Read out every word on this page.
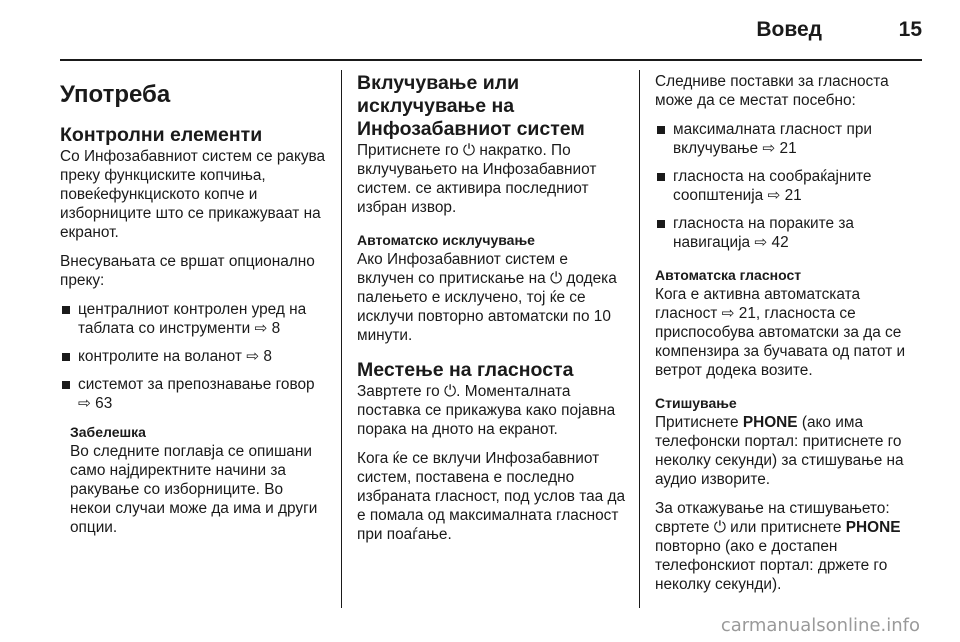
Вовед	15
Употреба
Контролни елементи

Со Инфозабавниот систем се ракува преку функциските копчиња, повеќефункциското копче и изборниците што се прикажуваат на екранот.

Внесувањата се вршат опционално преку:

централниот контролен уред на таблата со инструменти ⇨ 8
контролите на воланот ⇨ 8
системот за препознавање говор ⇨ 63
Забелешка
Во следните поглавја се опишани само најдиректните начини за ракување со изборниците. Во некои случаи може да има и други опции.
Вклучување или исклучување на Инфозабавниот систем

Притиснете го ⏻ накратко. По вклучувањето на Инфозабавниот систем. се активира последниот избран извор.

Автоматско исклучување

Ако Инфозабавниот систем е вклучен со притискање на ⏻ додека палењето е исклучено, тој ќе се исклучи повторно автоматски по 10 минути.

Местење на гласноста

Завртете го ⏻. Моменталната поставка се прикажува како појавна порака на дното на екранот.

Кога ќе се вклучи Инфозабавниот систем, поставена е последно избраната гласност, под услов таа да е помала од максималната гласност при поаѓање.

Следниве поставки за гласноста може да се местат посебно:

максималната гласност при вклучување ⇨ 21
гласноста на сообраќајните соопштенија ⇨ 21
гласноста на пораките за навигација ⇨ 42
Автоматска гласност

Кога е активна автоматската гласност ⇨ 21, гласноста се приспособува автоматски за да се компензира за бучавата од патот и ветрот додека возите.

Стишување

Притиснете PHONE (ако има телефонски портал: притиснете го неколку секунди) за стишување на аудио изворите.

За откажување на стишувањето: свртете ⏻ или притиснете PHONE повторно (ако е достапен телефонскиот портал: држете го неколку секунди).

carmanualsonline.info
